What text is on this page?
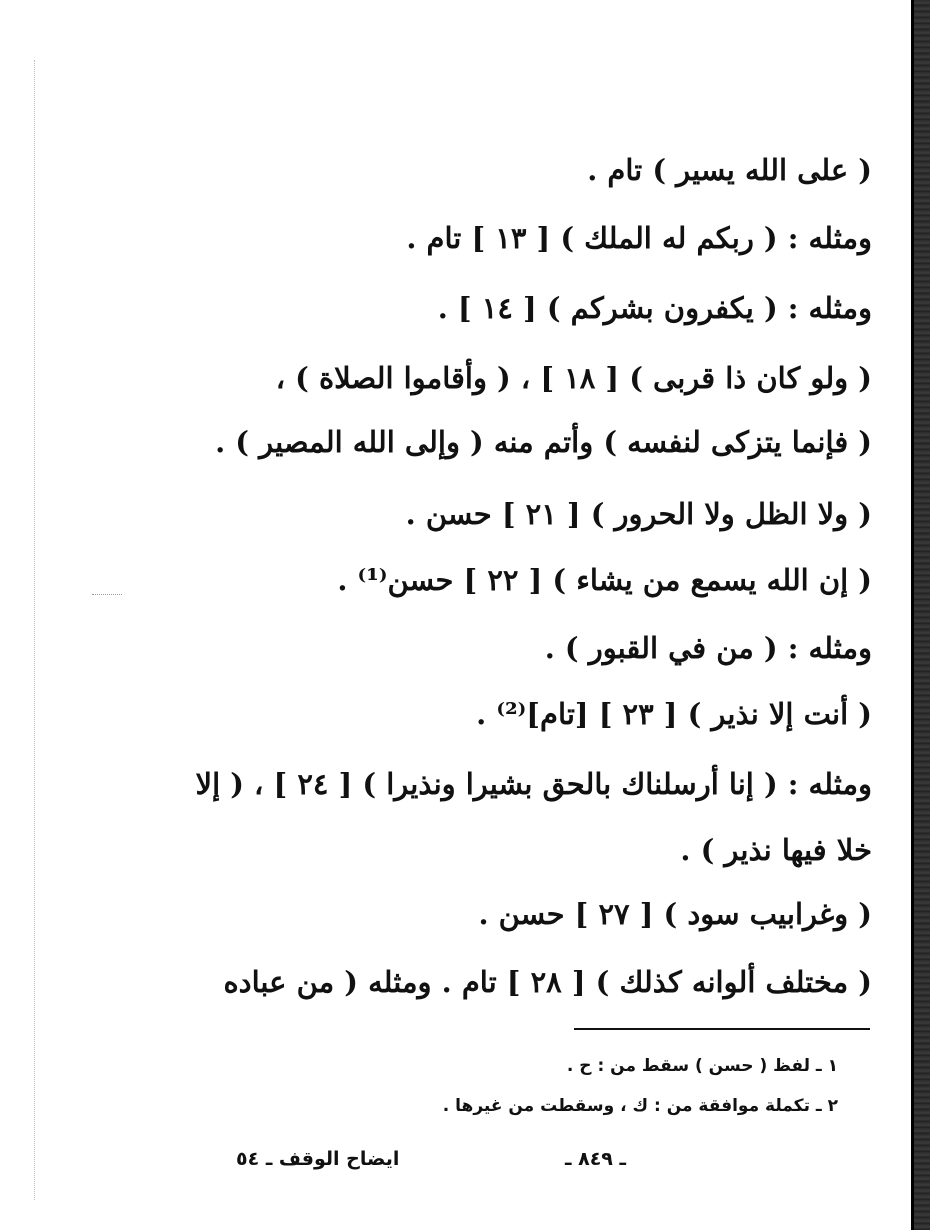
( على الله يسير ) تام .
ومثله : ( ربكم له الملك ) [ ١٣ ] تام .
ومثله : ( يكفرون بشركم ) [ ١٤ ] .
( ولو كان ذا قربى ) [ ١٨ ] ، ( وأقاموا الصلاة ) ،
( فإنما يتزكى لنفسه ) وأتم منه ( وإلى الله المصير ) .
( ولا الظل ولا الحرور ) [ ٢١ ] حسن .
( إن الله يسمع من يشاء ) [ ٢٢ ] حسن⁽¹⁾ .
ومثله : ( من في القبور ) .
( أنت إلا نذير ) [ ٢٣ ] [تام]⁽²⁾ .
ومثله : ( إنا أرسلناك بالحق بشيرا ونذيرا ) [ ٢٤ ] ، ( إلا
خلا فيها نذير ) .
( وغرابيب سود ) [ ٢٧ ] حسن .
( مختلف ألوانه كذلك ) [ ٢٨ ] تام . ومثله ( من عباده
١ ـ لفظ ( حسن ) سقط من : ح .
٢ ـ تكملة موافقة من : ك ، وسقطت من غيرها .
ـ ٨٤٩ ـ
ايضاح الوقف ـ ٥٤
